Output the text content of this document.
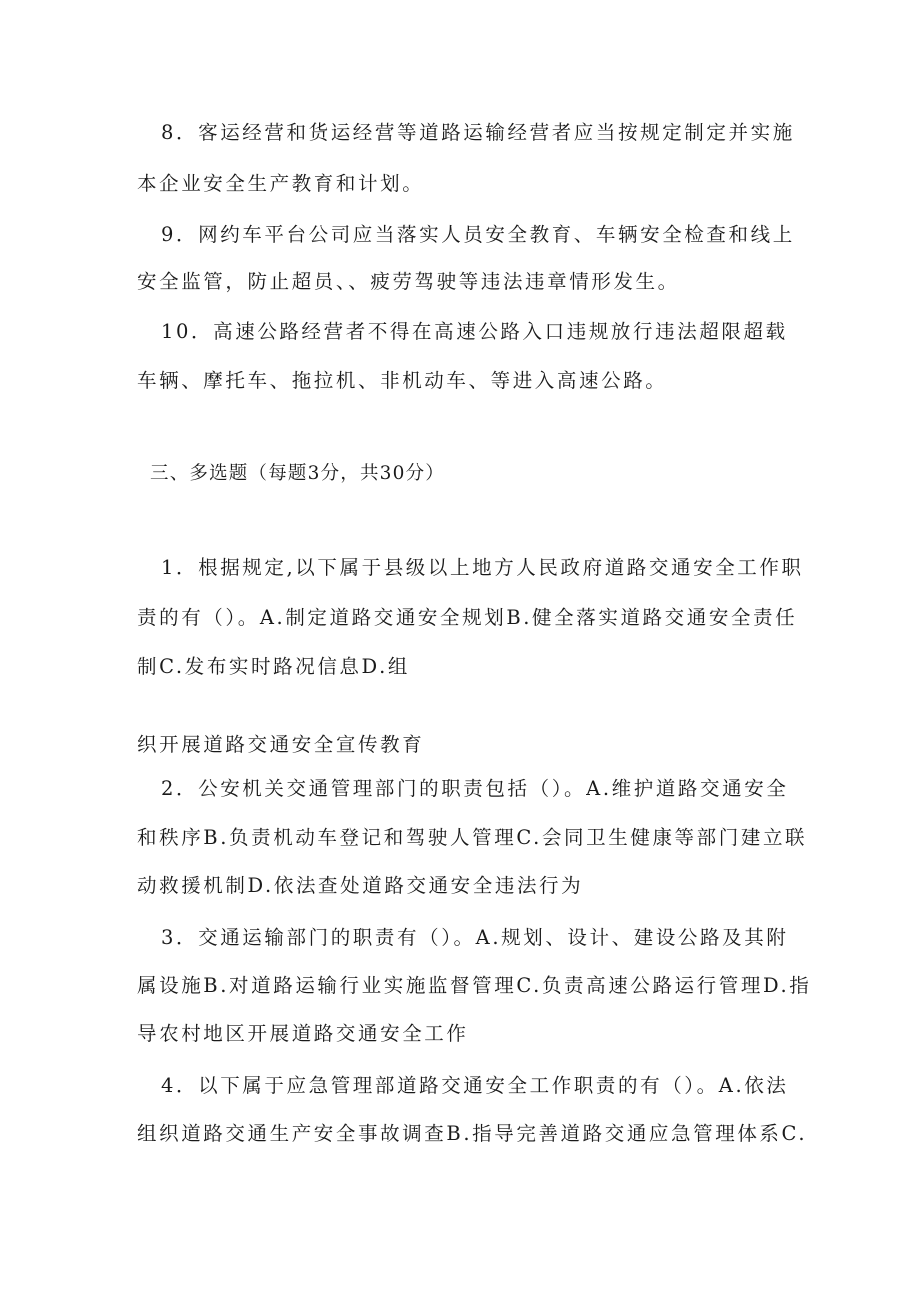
8．客运经营和货运经营等道路运输经营者应当按规定制定并实施
本企业安全生产教育和计划。
9．网约车平台公司应当落实人员安全教育、车辆安全检查和线上
安全监管，防止超员、、疲劳驾驶等违法违章情形发生。
10．高速公路经营者不得在高速公路入口违规放行违法超限超载
车辆、摩托车、拖拉机、非机动车、等进入高速公路。
三、多选题（每题3分，共30分）
1．根据规定,以下属于县级以上地方人民政府道路交通安全工作职
责的有（）。A.制定道路交通安全规划B.健全落实道路交通安全责任
制C.发布实时路况信息D.组
织开展道路交通安全宣传教育
2．公安机关交通管理部门的职责包括（）。A.维护道路交通安全
和秩序B.负责机动车登记和驾驶人管理C.会同卫生健康等部门建立联
动救援机制D.依法查处道路交通安全违法行为
3．交通运输部门的职责有（）。A.规划、设计、建设公路及其附
属设施B.对道路运输行业实施监督管理C.负责高速公路运行管理D.指
导农村地区开展道路交通安全工作
4．以下属于应急管理部道路交通安全工作职责的有（）。A.依法
组织道路交通生产安全事故调查B.指导完善道路交通应急管理体系C.
